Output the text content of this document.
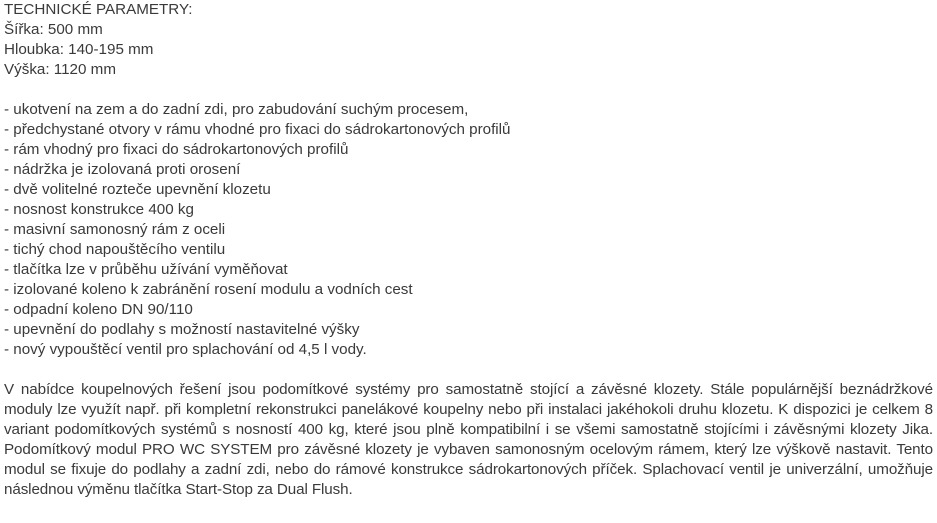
TECHNICKÉ PARAMETRY:
Šířka: 500 mm
Hloubka: 140-195 mm
Výška: 1120 mm
- ukotvení na zem a do zadní zdi, pro zabudování suchým procesem,
- předchystané otvory v rámu vhodné pro fixaci do sádrokartonových profilů
- rám vhodný pro fixaci do sádrokartonových profilů
- nádržka je izolovaná proti orosení
- dvě volitelné rozteče upevnění klozetu
- nosnost konstrukce 400 kg
- masivní samonosný rám z oceli
- tichý chod napouštěcího ventilu
- tlačítka lze v průběhu užívání vyměňovat
- izolované koleno k zabránění rosení modulu a vodních cest
- odpadní koleno DN 90/110
- upevnění do podlahy s možností nastavitelné výšky
- nový vypouštěcí ventil pro splachování od 4,5 l vody.

V nabídce koupelnových řešení jsou podomítkové systémy pro samostatně stojící a závěsné klozety. Stále populárnější beznádržkové moduly lze využít např. při kompletní rekonstrukci panelákové koupelny nebo při instalaci jakéhokoli druhu klozetu. K dispozici je celkem 8 variant podomítkových systémů s nosností 400 kg, které jsou plně kompatibilní i se všemi samostatně stojícími i závěsnými klozety Jika. Podomítkový modul PRO WC SYSTEM pro závěsné klozety je vybaven samonosným ocelovým rámem, který lze výškově nastavit. Tento modul se fixuje do podlahy a zadní zdi, nebo do rámové konstrukce sádrokartonových příček. Splachovací ventil je univerzální, umožňuje následnou výměnu tlačítka Start-Stop za Dual Flush.
